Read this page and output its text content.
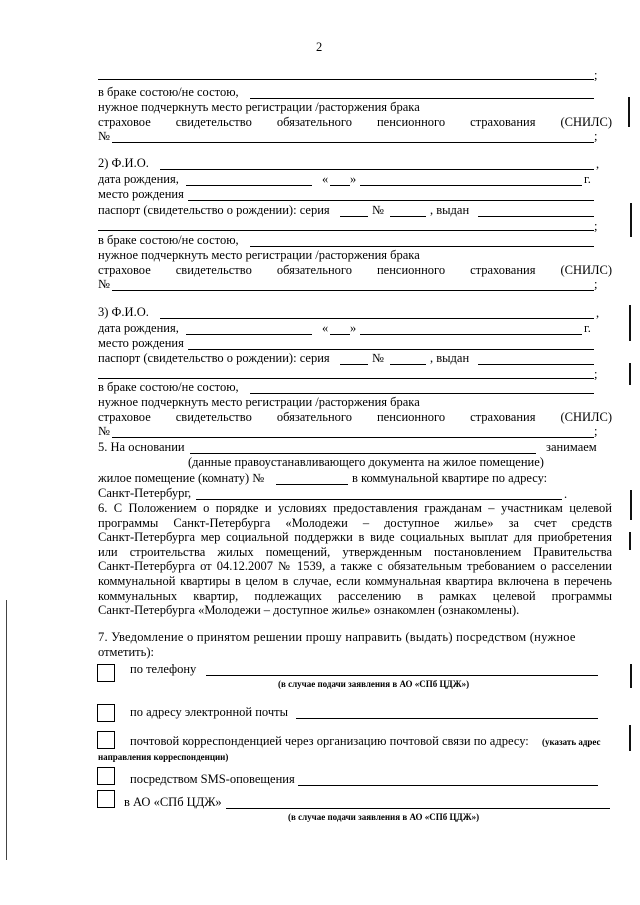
2
;
в браке состою/не состою,
нужное подчеркнуть место регистрации /расторжения брака
страховое свидетельство обязательного пенсионного страхования (СНИЛС)
№	;
2) Ф.И.О.	,
дата рождения,	« »	г.
место рождения
паспорт (свидетельство о рождении): серия	№	, выдан
;
в браке состою/не состою,
нужное подчеркнуть место регистрации /расторжения брака
страховое свидетельство обязательного пенсионного страхования (СНИЛС)
№	;
3) Ф.И.О.	,
дата рождения,	« »	г.
место рождения
паспорт (свидетельство о рождении): серия	№	, выдан
;
в браке состою/не состою,
нужное подчеркнуть место регистрации /расторжения брака
страховое свидетельство обязательного пенсионного страхования (СНИЛС)
№	;
5. На основании	занимаем
(данные правоустанавливающего документа на жилое помещение)
жилое помещение (комнату) №	в коммунальной квартире по адресу:
Санкт-Петербург,	.
6. С Положением о порядке и условиях предоставления гражданам – участникам целевой
программы Санкт-Петербурга «Молодежи – доступное жилье» за счет средств
Санкт-Петербурга мер социальной поддержки в виде социальных выплат для приобретения
или строительства жилых помещений, утвержденным постановлением Правительства
Санкт-Петербурга от 04.12.2007 № 1539, а также с обязательным требованием о расселении
коммунальной квартиры в целом в случае, если коммунальная квартира включена в перечень
коммунальных квартир, подлежащих расселению в рамках целевой программы
Санкт-Петербурга «Молодежи – доступное жилье» ознакомлен (ознакомлены).
7. Уведомление о принятом решении прошу направить (выдать) посредством (нужное
отметить):
по телефону
(в случае подачи заявления в АО «СПб ЦДЖ»)
по адресу электронной почты
почтовой корреспонденцией через организацию почтовой связи по адресу: (указать адрес
направления корреспонденции)
посредством SMS-оповещения
в АО «СПб ЦДЖ»
(в случае подачи заявления в АО «СПб ЦДЖ»)
